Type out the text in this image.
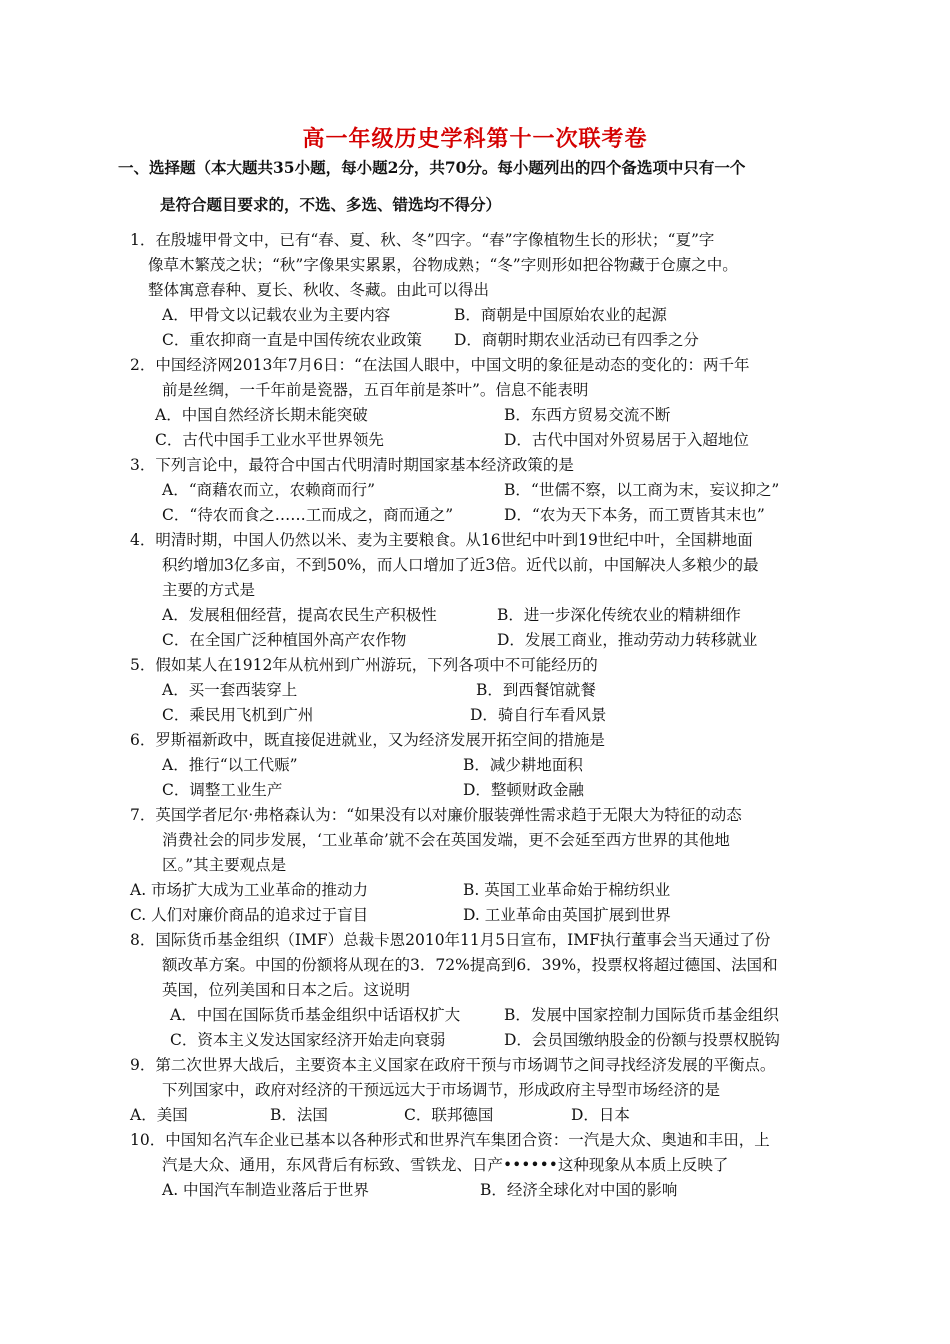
高一年级历史学科第十一次联考卷
一、选择题（本大题共35小题，每小题2分，共70分。每小题列出的四个备选项中只有一个
是符合题目要求的，不选、多选、错选均不得分）
1．在殷墟甲骨文中，已有“春、夏、秋、冬”四字。“春”字像植物生长的形状；“夏”字
像草木繁茂之状；“秋”字像果实累累，谷物成熟；“冬”字则形如把谷物藏于仓廪之中。
整体寓意春种、夏长、秋收、冬藏。由此可以得出
A．甲骨文以记载农业为主要内容	B．商朝是中国原始农业的起源
C．重农抑商一直是中国传统农业政策 D．商朝时期农业活动已有四季之分
2．中国经济网2013年7月6日：“在法国人眼中，中国文明的象征是动态的变化的：两千年
前是丝绸，一千年前是瓷器，五百年前是茶叶”。信息不能表明
A．中国自然经济长期未能突破	B．东西方贸易交流不断
C．古代中国手工业水平世界领先	D．古代中国对外贸易居于入超地位
3．下列言论中，最符合中国古代明清时期国家基本经济政策的是
A．“商藉农而立，农赖商而行”	B．“世儒不察，以工商为末，妄议抑之”
C．“待农而食之……工而成之，商而通之”	D．“农为天下本务，而工贾皆其末也”
4．明清时期，中国人仍然以米、麦为主要粮食。从16世纪中叶到19世纪中叶，全国耕地面
积约增加3亿多亩，不到50%，而人口增加了近3倍。近代以前，中国解决人多粮少的最
主要的方式是
A．发展租佃经营，提高农民生产积极性	B．进一步深化传统农业的精耕细作
C．在全国广泛种植国外高产农作物	D．发展工商业，推动劳动力转移就业
5．假如某人在1912年从杭州到广州游玩，下列各项中不可能经历的
A．买一套西装穿上	B．到西餐馆就餐
C．乘民用飞机到广州	D．骑自行车看风景
6．罗斯福新政中，既直接促进就业，又为经济发展开拓空间的措施是
A．推行“以工代赈”	B．减少耕地面积
C．调整工业生产	D．整顿财政金融
7．英国学者尼尔·弗格森认为：“如果没有以对廉价服装弹性需求趋于无限大为特征的动态
消费社会的同步发展，‘工业革命’就不会在英国发端，更不会延至西方世界的其他地
区。”其主要观点是
A. 市场扩大成为工业革命的推动力	B. 英国工业革命始于棉纺织业
C. 人们对廉价商品的追求过于盲目	D. 工业革命由英国扩展到世界
8．国际货币基金组织（IMF）总裁卡恩2010年11月5日宣布，IMF执行董事会当天通过了份
额改革方案。中国的份额将从现在的3．72%提高到6．39%，投票权将超过德国、法国和
英国，位列美国和日本之后。这说明
A．中国在国际货币基金组织中话语权扩大	B．发展中国家控制力国际货币基金组织
C．资本主义发达国家经济开始走向衰弱	D．会员国缴纳股金的份额与投票权脱钩
9．第二次世界大战后，主要资本主义国家在政府干预与市场调节之间寻找经济发展的平衡点。
下列国家中，政府对经济的干预远远大于市场调节，形成政府主导型市场经济的是
A．美国	B．法国	C．联邦德国	D．日本
10．中国知名汽车企业已基本以各种形式和世界汽车集团合资：一汽是大众、奥迪和丰田，上
汽是大众、通用，东风背后有标致、雪铁龙、日产••••••这种现象从本质上反映了
A. 中国汽车制造业落后于世界	B．经济全球化对中国的影响
